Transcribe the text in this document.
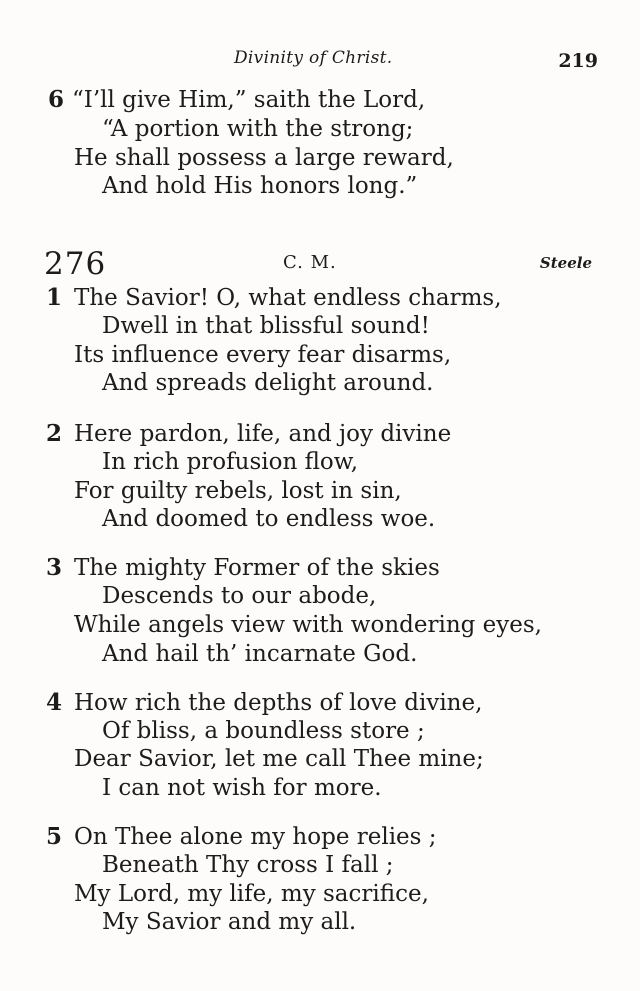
Divinity of Christ.	219
6 “I’ll give Him,” saith the Lord,
“A portion with the strong;
He shall possess a large reward,
And hold His honors long.”
276	C. M.	Steele
1 The Savior! O, what endless charms,
Dwell in that blissful sound!
Its influence every fear disarms,
And spreads delight around.
2 Here pardon, life, and joy divine
In rich profusion flow,
For guilty rebels, lost in sin,
And doomed to endless woe.
3 The mighty Former of the skies
Descends to our abode,
While angels view with wondering eyes,
And hail th’ incarnate God.
4 How rich the depths of love divine,
Of bliss, a boundless store ;
Dear Savior, let me call Thee mine;
I can not wish for more.
5 On Thee alone my hope relies ;
Beneath Thy cross I fall ;
My Lord, my life, my sacrifice,
My Savior and my all.
